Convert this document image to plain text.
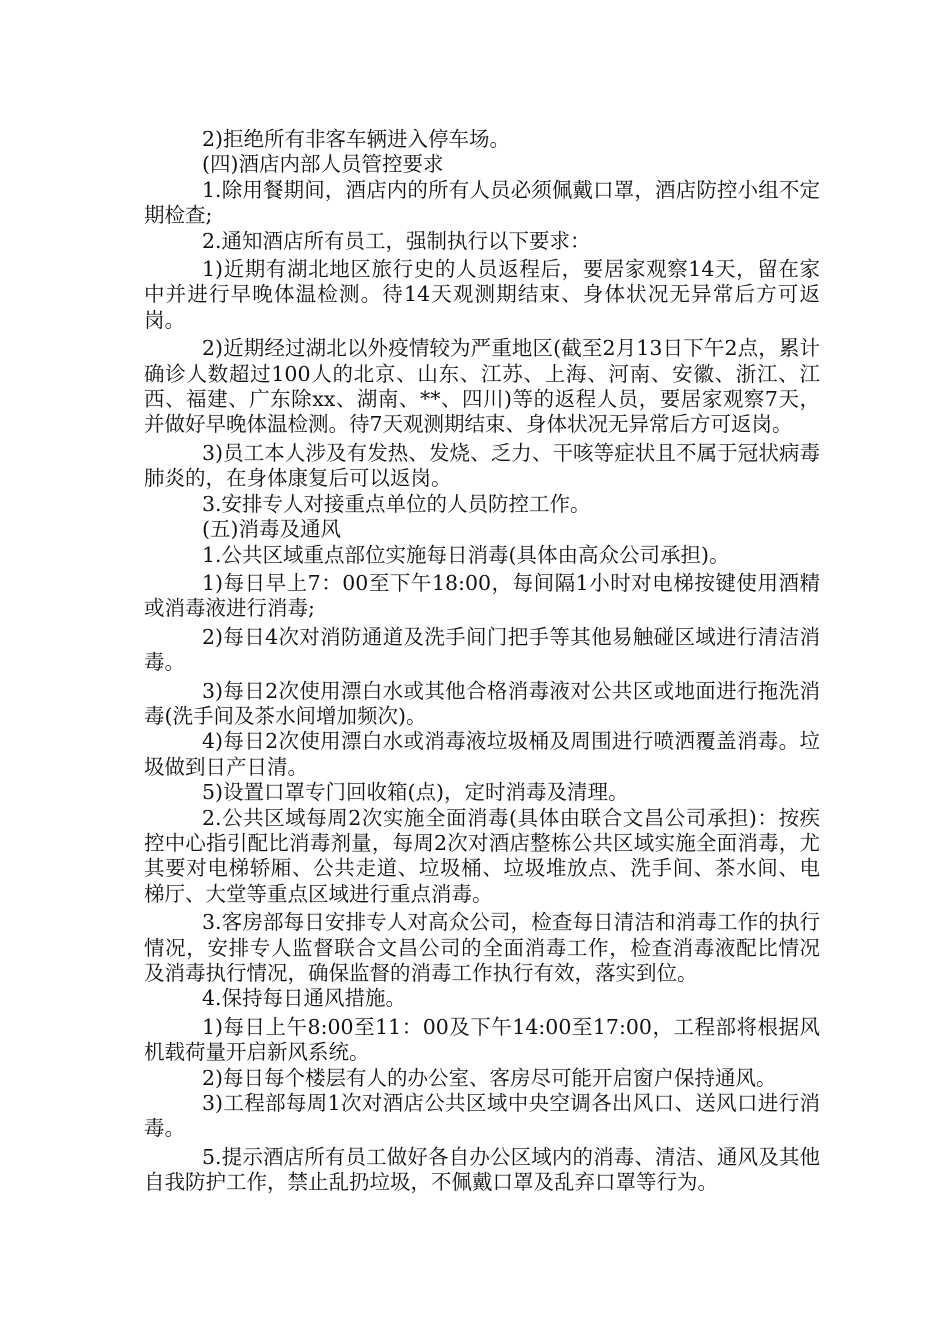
2)拒绝所有非客车辆进入停车场。

(四)酒店内部人员管控要求

1.除用餐期间，酒店内的所有人员必须佩戴口罩，酒店防控小组不定期检查;

2.通知酒店所有员工，强制执行以下要求：

1)近期有湖北地区旅行史的人员返程后，要居家观察14天，留在家中并进行早晚体温检测。待14天观测期结束、身体状况无异常后方可返岗。

2)近期经过湖北以外疫情较为严重地区(截至2月13日下午2点，累计确诊人数超过100人的北京、山东、江苏、上海、河南、安徽、浙江、江西、福建、广东除xx、湖南、**、四川)等的返程人员，要居家观察7天，并做好早晚体温检测。待7天观测期结束、身体状况无异常后方可返岗。

3)员工本人涉及有发热、发烧、乏力、干咳等症状且不属于冠状病毒肺炎的，在身体康复后可以返岗。

3.安排专人对接重点单位的人员防控工作。

(五)消毒及通风

1.公共区域重点部位实施每日消毒(具体由高众公司承担)。

1)每日早上7：00至下午18:00，每间隔1小时对电梯按键使用酒精或消毒液进行消毒;

2)每日4次对消防通道及洗手间门把手等其他易触碰区域进行清洁消毒。

3)每日2次使用漂白水或其他合格消毒液对公共区或地面进行拖洗消毒(洗手间及茶水间增加频次)。

4)每日2次使用漂白水或消毒液垃圾桶及周围进行喷洒覆盖消毒。垃圾做到日产日清。

5)设置口罩专门回收箱(点)，定时消毒及清理。

2.公共区域每周2次实施全面消毒(具体由联合文昌公司承担)：按疾控中心指引配比消毒剂量，每周2次对酒店整栋公共区域实施全面消毒，尤其要对电梯轿厢、公共走道、垃圾桶、垃圾堆放点、洗手间、茶水间、电梯厅、大堂等重点区域进行重点消毒。

3.客房部每日安排专人对高众公司，检查每日清洁和消毒工作的执行情况，安排专人监督联合文昌公司的全面消毒工作，检查消毒液配比情况及消毒执行情况，确保监督的消毒工作执行有效，落实到位。

4.保持每日通风措施。

1)每日上午8:00至11：00及下午14:00至17:00，工程部将根据风机载荷量开启新风系统。

2)每日每个楼层有人的办公室、客房尽可能开启窗户保持通风。

3)工程部每周1次对酒店公共区域中央空调各出风口、送风口进行消毒。

5.提示酒店所有员工做好各自办公区域内的消毒、清洁、通风及其他自我防护工作，禁止乱扔垃圾，不佩戴口罩及乱弃口罩等行为。
